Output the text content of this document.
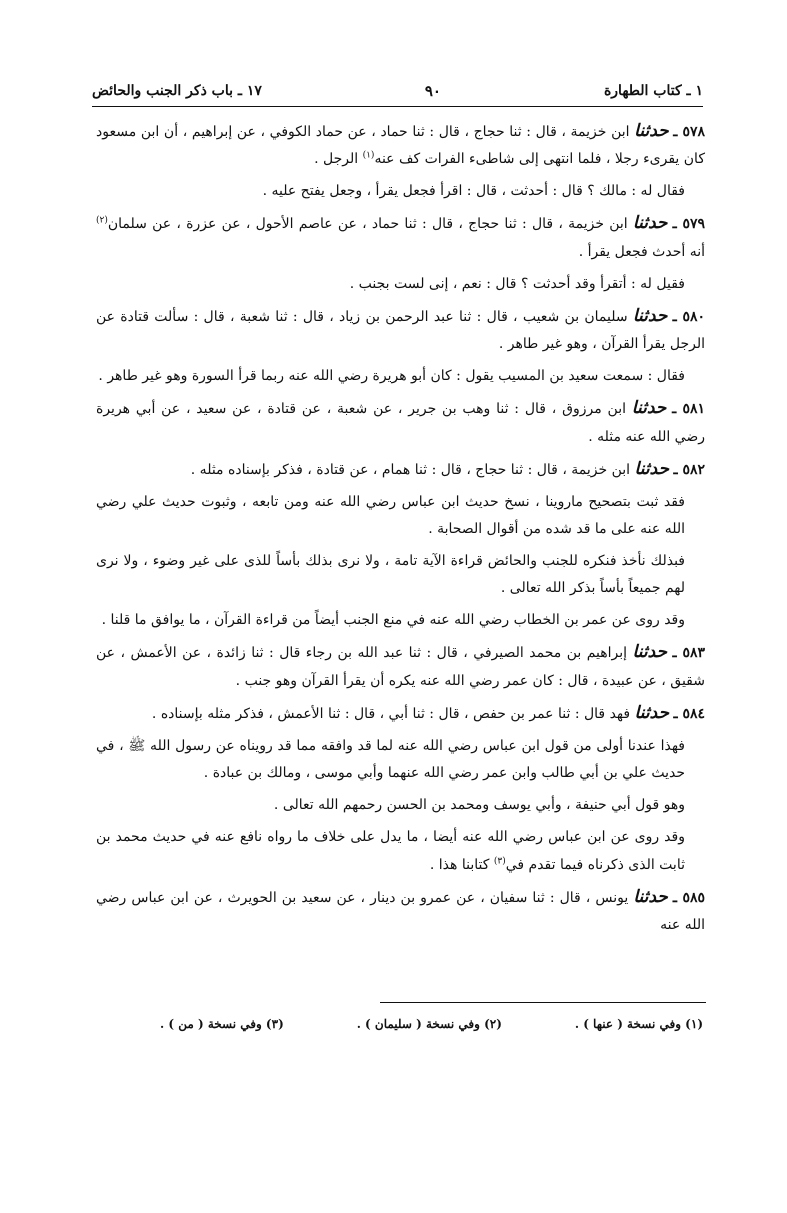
١ ـ كتاب الطهارة
٩٠
١٧ ـ باب ذكر الجنب والحائض

٥٧٨ ـ حدثنا ابن خزيمة ، قال : ثنا حجاج ، قال : ثنا حماد ، عن حماد الكوفي ، عن إبراهيم ، أن ابن مسعود كان يقرىء رجلا ، فلما انتهى إلى شاطىء الفرات كف عنه$^{(١)}$ الرجل .

فقال له : مالك ؟ قال : أحدثت ، قال : اقرأ فجعل يقرأ ، وجعل يفتح عليه .

٥٧٩ ـ حدثنا ابن خزيمة ، قال : ثنا حجاج ، قال : ثنا حماد ، عن عاصم الأحول ، عن عزرة ، عن سلمان$^{(٢)}$ أنه أحدث فجعل يقرأ .

فقيل له : أتقرأ وقد أحدثت ؟ قال : نعم ، إنى لست بجنب .

٥٨٠ ـ حدثنا سليمان بن شعيب ، قال : ثنا عبد الرحمن بن زياد ، قال : ثنا شعبة ، قال : سألت قتادة عن الرجل يقرأ القرآن ، وهو غير طاهر .

فقال : سمعت سعيد بن المسيب يقول : كان أبو هريرة رضي الله عنه ربما قرأ السورة وهو غير طاهر .

٥٨١ ـ حدثنا ابن مرزوق ، قال : ثنا وهب بن جرير ، عن شعبة ، عن قتادة ، عن سعيد ، عن أبي هريرة رضي الله عنه مثله .

٥٨٢ ـ حدثنا ابن خزيمة ، قال : ثنا حجاج ، قال : ثنا همام ، عن قتادة ، فذكر بإسناده مثله .

فقد ثبت بتصحيح ماروينا ، نسخ حديث ابن عباس رضي الله عنه ومن تابعه ، وثبوت حديث علي رضي الله عنه على ما قد شده من أقوال الصحابة .

فبذلك نأخذ فنكره للجنب والحائض قراءة الآية تامة ، ولا نرى بذلك بأساً للذى على غير وضوء ، ولا نرى لهم جميعاً بأساً بذكر الله تعالى .

وقد روى عن عمر بن الخطاب رضي الله عنه في منع الجنب أيضاً من قراءة القرآن ، ما يوافق ما قلنا .

٥٨٣ ـ حدثنا إبراهيم بن محمد الصيرفي ، قال : ثنا عبد الله بن رجاء قال : ثنا زائدة ، عن الأعمش ، عن شقيق ، عن عبيدة ، قال : كان عمر رضي الله عنه يكره أن يقرأ القرآن وهو جنب .

٥٨٤ ـ حدثنا فهد قال : ثنا عمر بن حفص ، قال : ثنا أبي ، قال : ثنا الأعمش ، فذكر مثله بإسناده .

فهذا عندنا أولى من قول ابن عباس رضي الله عنه لما قد وافقه مما قد رويناه عن رسول الله ﷺ ، في حديث علي بن أبي طالب وابن عمر رضي الله عنهما وأبي موسى ، ومالك بن عبادة .

وهو قول أبي حنيفة ، وأبي يوسف ومحمد بن الحسن رحمهم الله تعالى .

وقد روى عن ابن عباس رضي الله عنه أيضا ، ما يدل على خلاف ما رواه نافع عنه في حديث محمد بن ثابت الذى ذكرناه فيما تقدم في$^{(٣)}$ كتابنا هذا .

٥٨٥ ـ حدثنا يونس ، قال : ثنا سفيان ، عن عمرو بن دينار ، عن سعيد بن الحويرث ، عن ابن عباس رضي الله عنه

(١) وفي نسخة ( عنها ) .
(٢) وفي نسخة ( سليمان ) .
(٣) وفي نسخة ( من ) .
